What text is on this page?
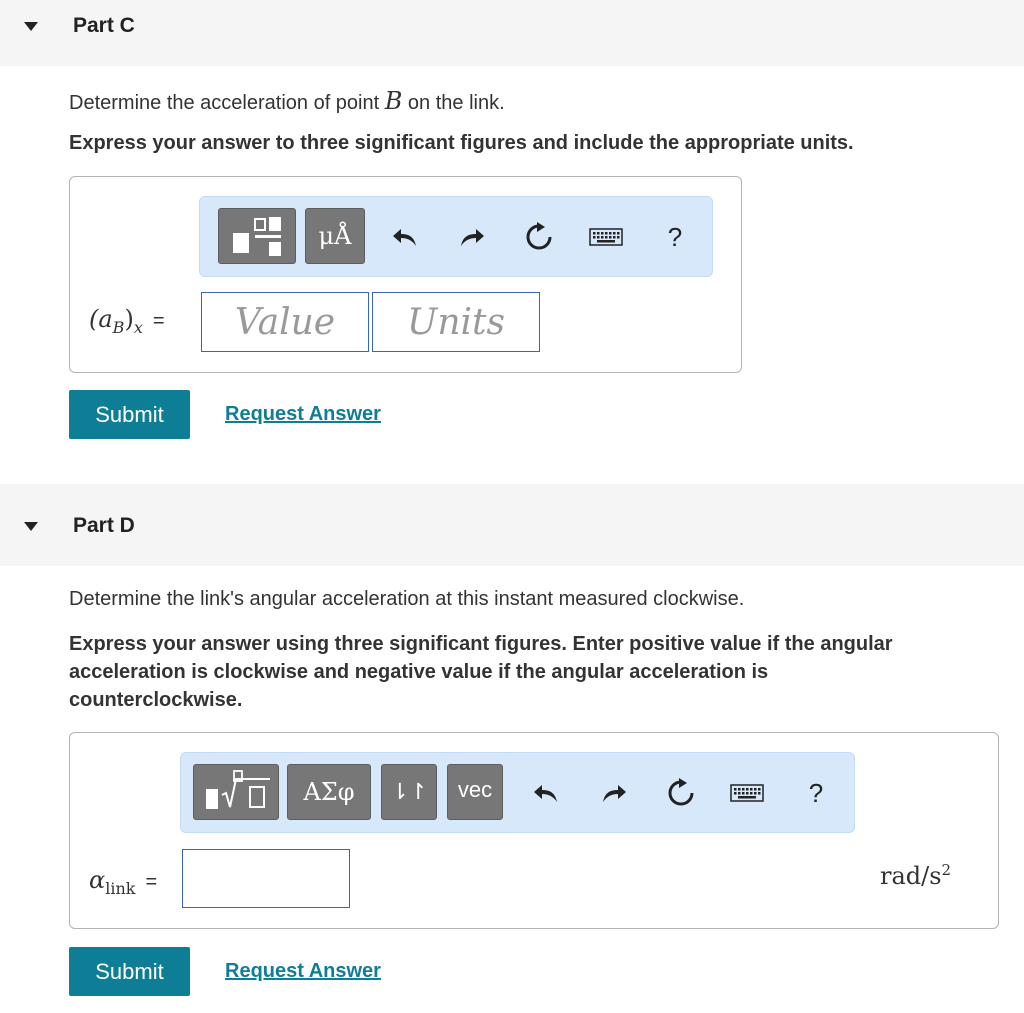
Part C
Determine the acceleration of point B on the link.
Express your answer to three significant figures and include the appropriate units.
μÅ	?
$(a_B)_x$ =
Value
Units
Submit	Request Answer
Part D
Determine the link's angular acceleration at this instant measured clockwise.
Express your answer using three significant figures. Enter positive value if the angular
acceleration is clockwise and negative value if the angular acceleration is
counterclockwise.
ΑΣφ	⇂↾	vec	?
$\alpha_{link}$ =	rad/$s^2$
Submit	Request Answer
